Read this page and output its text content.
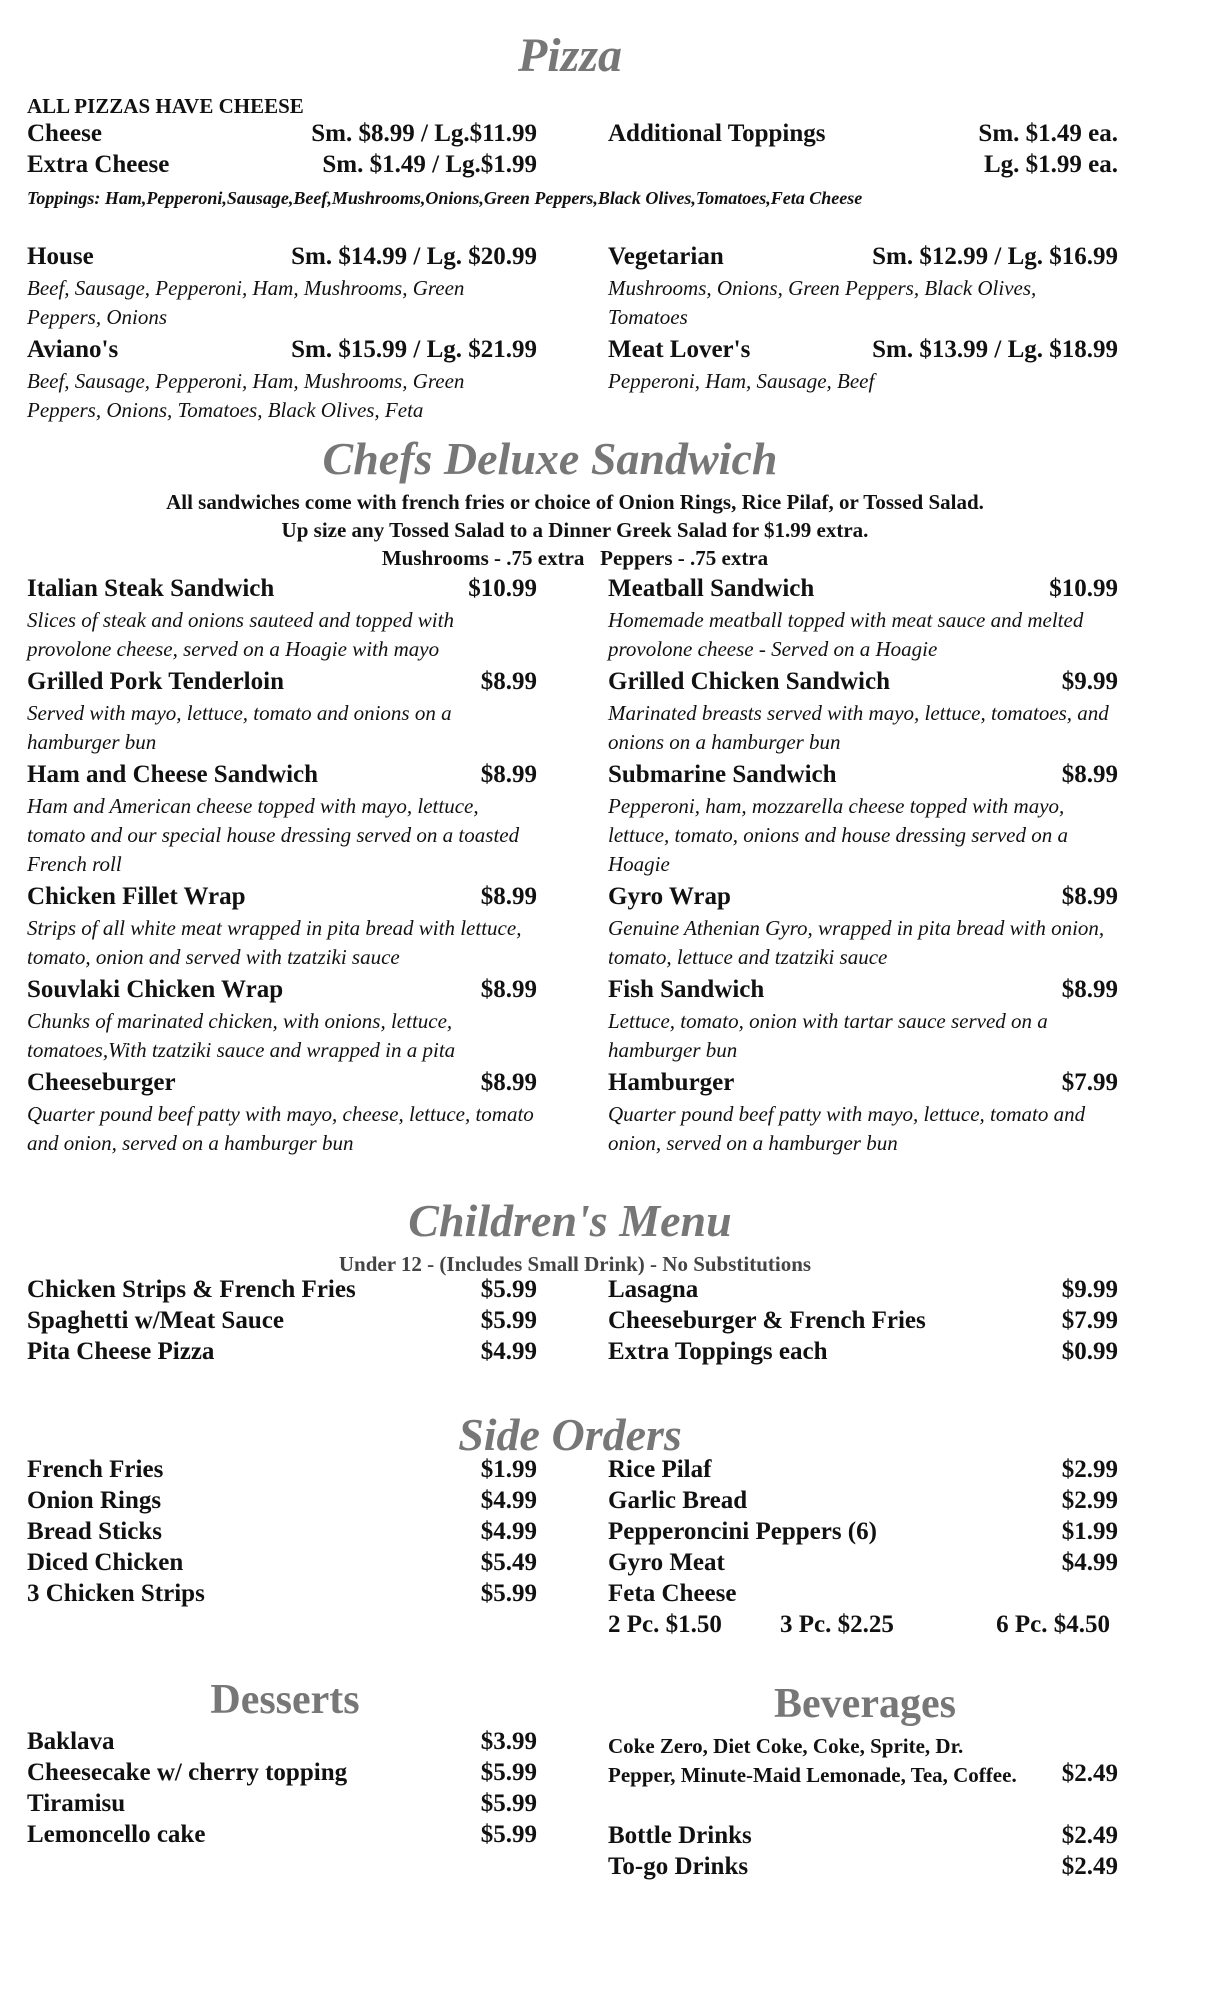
Pizza
ALL PIZZAS HAVE CHEESE
Cheese	Sm. $8.99 / Lg.$11.99
Extra Cheese	Sm. $1.49 / Lg.$1.99
Additional Toppings	Sm. $1.49 ea.
Lg. $1.99 ea.
Toppings: Ham,Pepperoni,Sausage,Beef,Mushrooms,Onions,Green Peppers,Black Olives,Tomatoes,Feta Cheese
House	Sm. $14.99 / Lg. $20.99
Beef, Sausage, Pepperoni, Ham, Mushrooms, Green Peppers, Onions
Aviano's	Sm. $15.99 / Lg. $21.99
Beef, Sausage, Pepperoni, Ham, Mushrooms, Green Peppers, Onions, Tomatoes, Black Olives, Feta
Vegetarian	Sm. $12.99 / Lg. $16.99
Mushrooms, Onions, Green Peppers, Black Olives, Tomatoes
Meat Lover's	Sm. $13.99 / Lg. $18.99
Pepperoni, Ham, Sausage, Beef
Chefs Deluxe Sandwich
All sandwiches come with french fries or choice of Onion Rings, Rice Pilaf, or Tossed Salad.
Up size any Tossed Salad to a Dinner Greek Salad for $1.99 extra.
Mushrooms - .75 extra   Peppers - .75 extra
Italian Steak Sandwich	$10.99
Slices of steak and onions sauteed and topped with provolone cheese, served on a Hoagie with mayo
Grilled Pork Tenderloin	$8.99
Served with mayo, lettuce, tomato and onions on a hamburger bun
Ham and Cheese Sandwich	$8.99
Ham and American cheese topped with mayo, lettuce, tomato and our special house dressing served on a toasted French roll
Chicken Fillet Wrap	$8.99
Strips of all white meat wrapped in pita bread with lettuce, tomato, onion and served with tzatziki sauce
Souvlaki Chicken Wrap	$8.99
Chunks of marinated chicken, with onions, lettuce, tomatoes,With tzatziki sauce and wrapped in a pita
Cheeseburger	$8.99
Quarter pound beef patty with mayo, cheese, lettuce, tomato and onion, served on a hamburger bun
Meatball Sandwich	$10.99
Homemade meatball topped with meat sauce and melted provolone cheese - Served on a Hoagie
Grilled Chicken Sandwich	$9.99
Marinated breasts served with mayo, lettuce, tomatoes, and onions on a hamburger bun
Submarine Sandwich	$8.99
Pepperoni, ham, mozzarella cheese topped with mayo, lettuce, tomato, onions and house dressing served on a Hoagie
Gyro Wrap	$8.99
Genuine Athenian Gyro, wrapped in pita bread with onion, tomato, lettuce and tzatziki sauce
Fish Sandwich	$8.99
Lettuce, tomato, onion with tartar sauce served on a hamburger bun
Hamburger	$7.99
Quarter pound beef patty with mayo, lettuce, tomato and onion, served on a hamburger bun
Children's Menu
Under 12 - (Includes Small Drink) - No Substitutions
Chicken Strips & French Fries	$5.99
Spaghetti w/Meat Sauce	$5.99
Pita Cheese Pizza	$4.99
Lasagna	$9.99
Cheeseburger & French Fries	$7.99
Extra Toppings each	$0.99
Side Orders
French Fries	$1.99
Onion Rings	$4.99
Bread Sticks	$4.99
Diced Chicken	$5.49
3 Chicken Strips	$5.99
Rice Pilaf	$2.99
Garlic Bread	$2.99
Pepperoncini Peppers (6)	$1.99
Gyro Meat	$4.99
Feta Cheese
2 Pc. $1.50 3 Pc. $2.25	6 Pc. $4.50
Desserts
Baklava	$3.99
Cheesecake w/ cherry topping	$5.99
Tiramisu	$5.99
Lemoncello cake	$5.99
Beverages
Coke Zero, Diet Coke, Coke, Sprite, Dr. Pepper, Minute-Maid Lemonade, Tea, Coffee.	$2.49
Bottle Drinks	$2.49
To-go Drinks	$2.49
